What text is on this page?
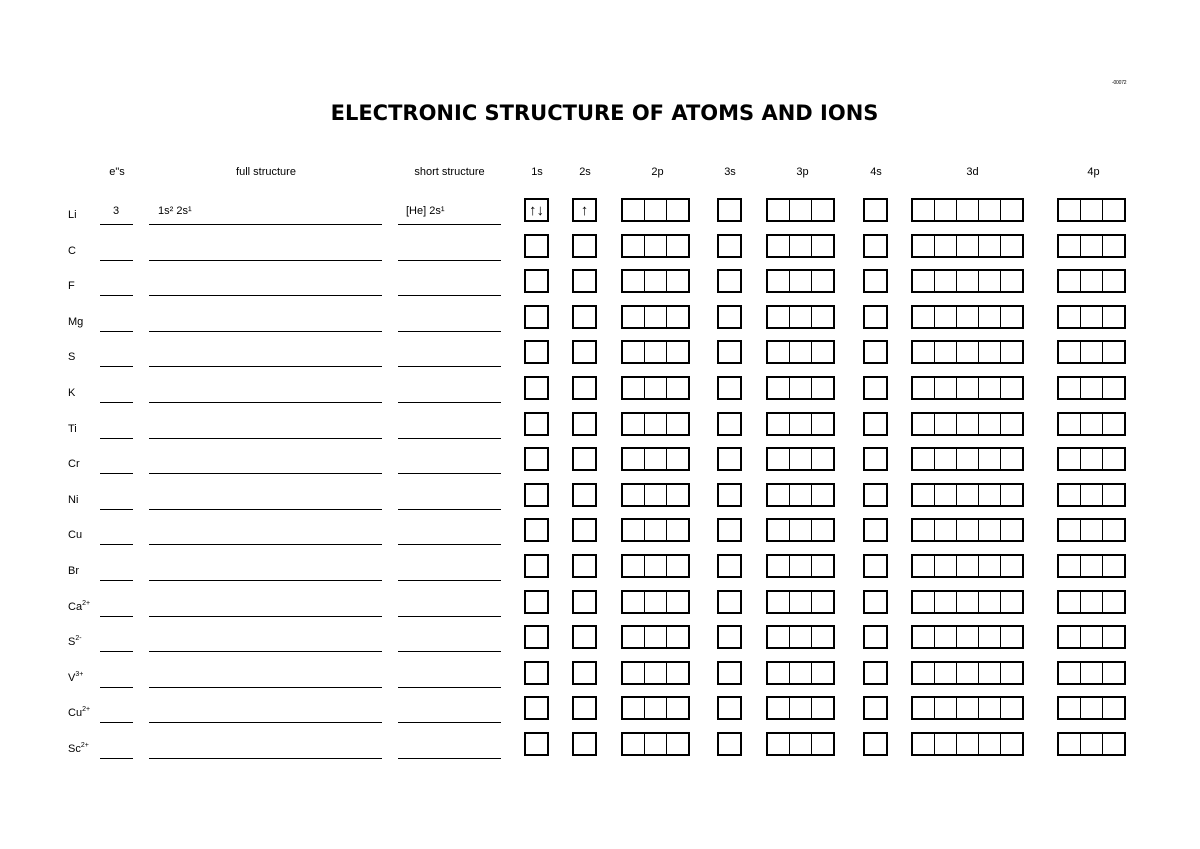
-00072
ELECTRONIC STRUCTURE OF ATOMS AND IONS
e"s	full structure	short structure	1s	2s	2p	3s	3p	4s	3d	4p
Li	3	1s² 2s¹	[He] 2s¹	↑↓	↑
C
F
Mg
S
K
Ti
Cr
Ni
Cu
Br
$Ca^{2+}$
$S^{2-}$
$V^{3+}$
$Cu^{2+}$
$Sc^{2+}$
